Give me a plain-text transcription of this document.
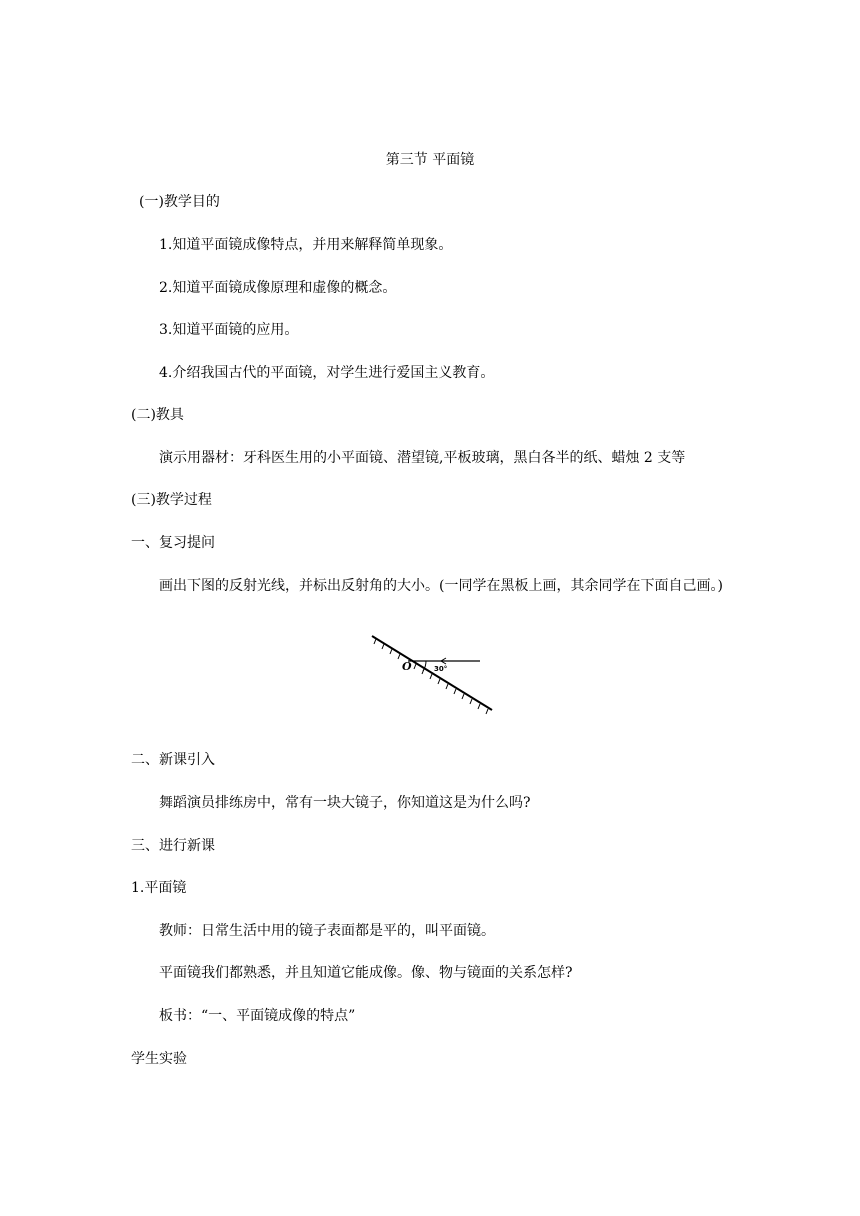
第三节 平面镜
(一)教学目的
1.知道平面镜成像特点，并用来解释简单现象。
2.知道平面镜成像原理和虚像的概念。
3.知道平面镜的应用。
4.介绍我国古代的平面镜，对学生进行爱国主义教育。
(二)教具
演示用器材：牙科医生用的小平面镜、潜望镜,平板玻璃，黑白各半的纸、蜡烛 2 支等
(三)教学过程
一、复习提问
画出下图的反射光线，并标出反射角的大小。(一同学在黑板上画，其余同学在下面自己画。)
O	30°
二、新课引入
舞蹈演员排练房中，常有一块大镜子，你知道这是为什么吗?
三、进行新课
1.平面镜
教师：日常生活中用的镜子表面都是平的，叫平面镜。
平面镜我们都熟悉，并且知道它能成像。像、物与镜面的关系怎样?
板书：“一、平面镜成像的特点”
学生实验
